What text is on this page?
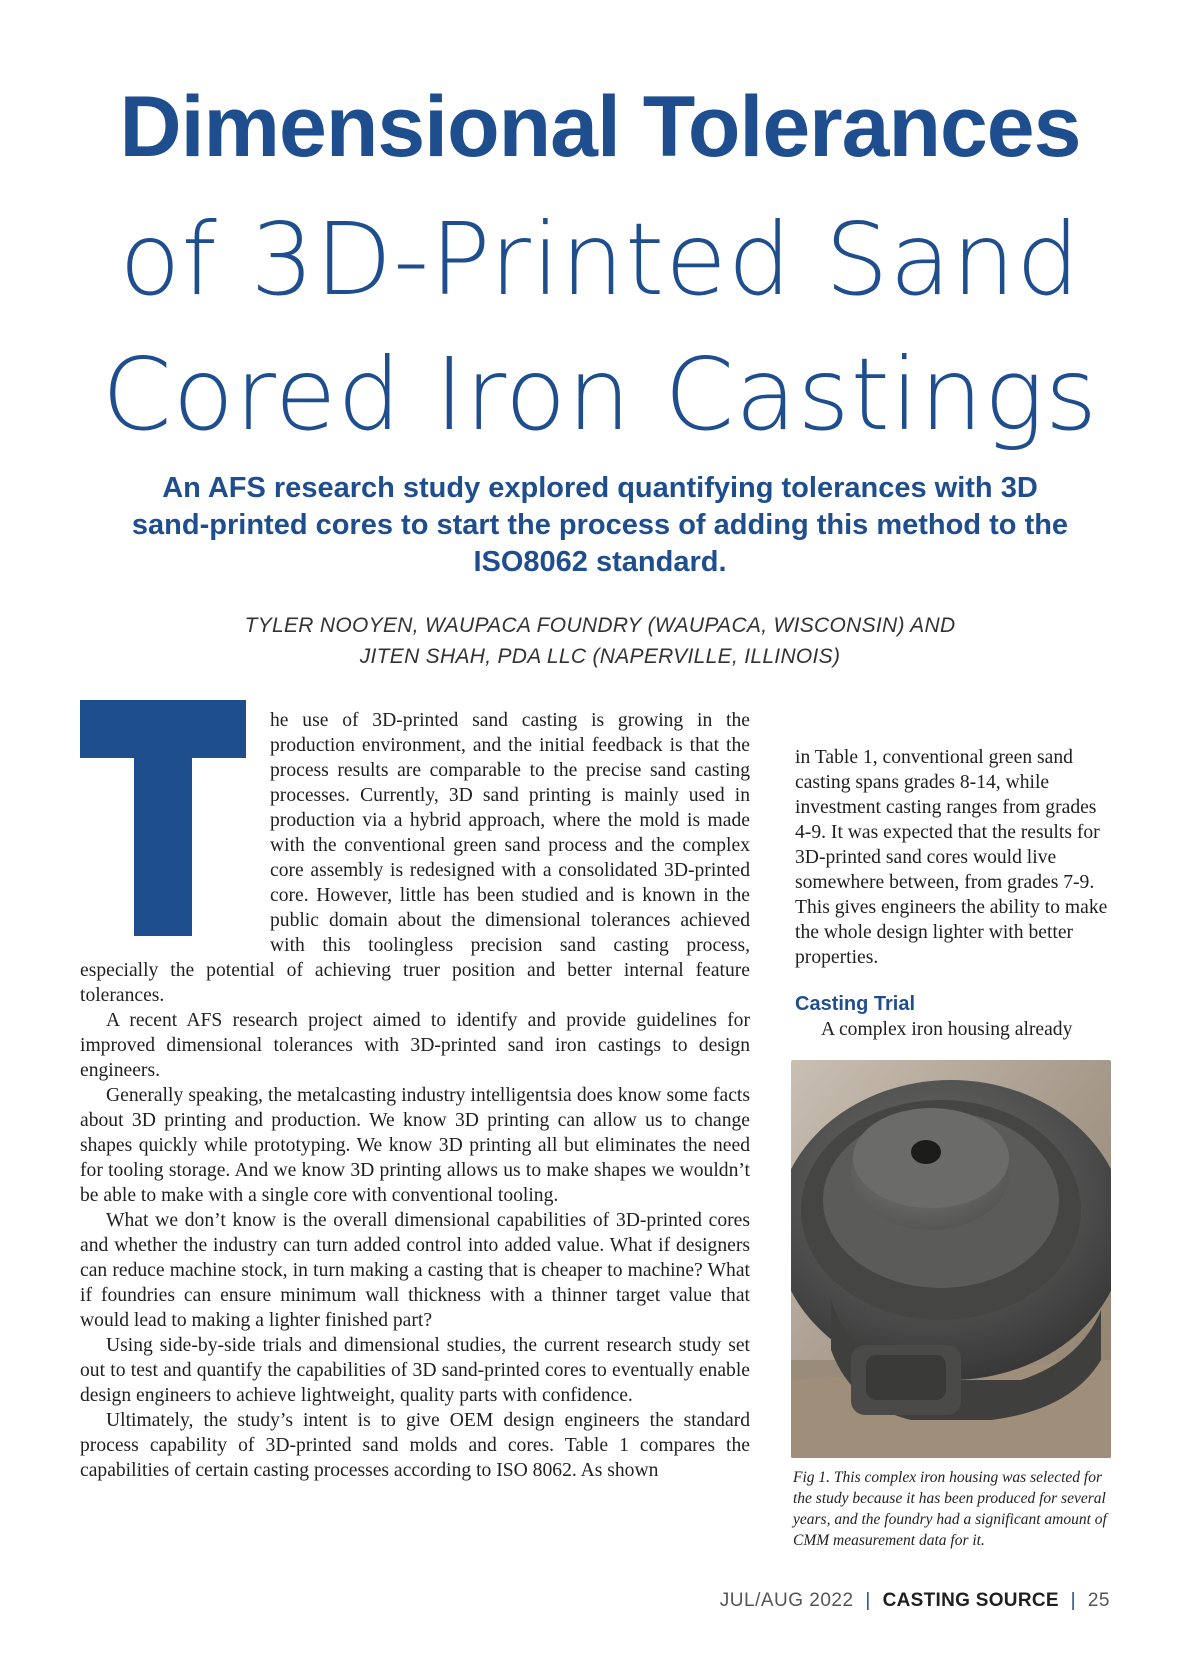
Dimensional Tolerances
of 3D-Printed Sand
Cored Iron Castings
An AFS research study explored quantifying tolerances with 3D sand-printed cores to start the process of adding this method to the ISO8062 standard.
TYLER NOOYEN, WAUPACA FOUNDRY (WAUPACA, WISCONSIN) AND
JITEN SHAH, PDA LLC (NAPERVILLE, ILLINOIS)
T

he use of 3D-printed sand casting is growing in the production environment, and the initial feedback is that the process results are comparable to the precise sand casting processes. Currently, 3D sand printing is mainly used in production via a hybrid approach, where the mold is made with the conventional green sand process and the complex core assembly is redesigned with a consolidated 3D-printed core. However, little has been studied and is known in the public domain about the dimensional tolerances achieved with this toolingless precision sand casting process, especially the potential of achieving truer position and better internal feature tolerances.

A recent AFS research project aimed to identify and provide guidelines for improved dimensional tolerances with 3D-printed sand iron castings to design engineers.

Generally speaking, the metalcasting industry intelligentsia does know some facts about 3D printing and production. We know 3D printing can allow us to change shapes quickly while prototyping. We know 3D printing all but eliminates the need for tooling storage. And we know 3D printing allows us to make shapes we wouldn’t be able to make with a single core with conventional tooling.

What we don’t know is the overall dimensional capabilities of 3D-printed cores and whether the industry can turn added control into added value. What if designers can reduce machine stock, in turn making a casting that is cheaper to machine? What if foundries can ensure minimum wall thickness with a thinner target value that would lead to making a lighter finished part?

Using side-by-side trials and dimensional studies, the current research study set out to test and quantify the capabilities of 3D sand-printed cores to eventually enable design engineers to achieve lightweight, quality parts with confidence.

Ultimately, the study’s intent is to give OEM design engineers the standard process capability of 3D-printed sand molds and cores. Table 1 compares the capabilities of certain casting processes according to ISO 8062. As shown

in Table 1, conventional green sand casting spans grades 8-14, while investment casting ranges from grades 4-9. It was expected that the results for 3D-printed sand cores would live somewhere between, from grades 7-9. This gives engineers the ability to make the whole design lighter with better properties.

Casting Trial

A complex iron housing already

Fig 1. This complex iron housing was selected for the study because it has been produced for several years, and the foundry had a significant amount of CMM measurement data for it.
JUL/AUG 2022 | CASTING SOURCE | 25
